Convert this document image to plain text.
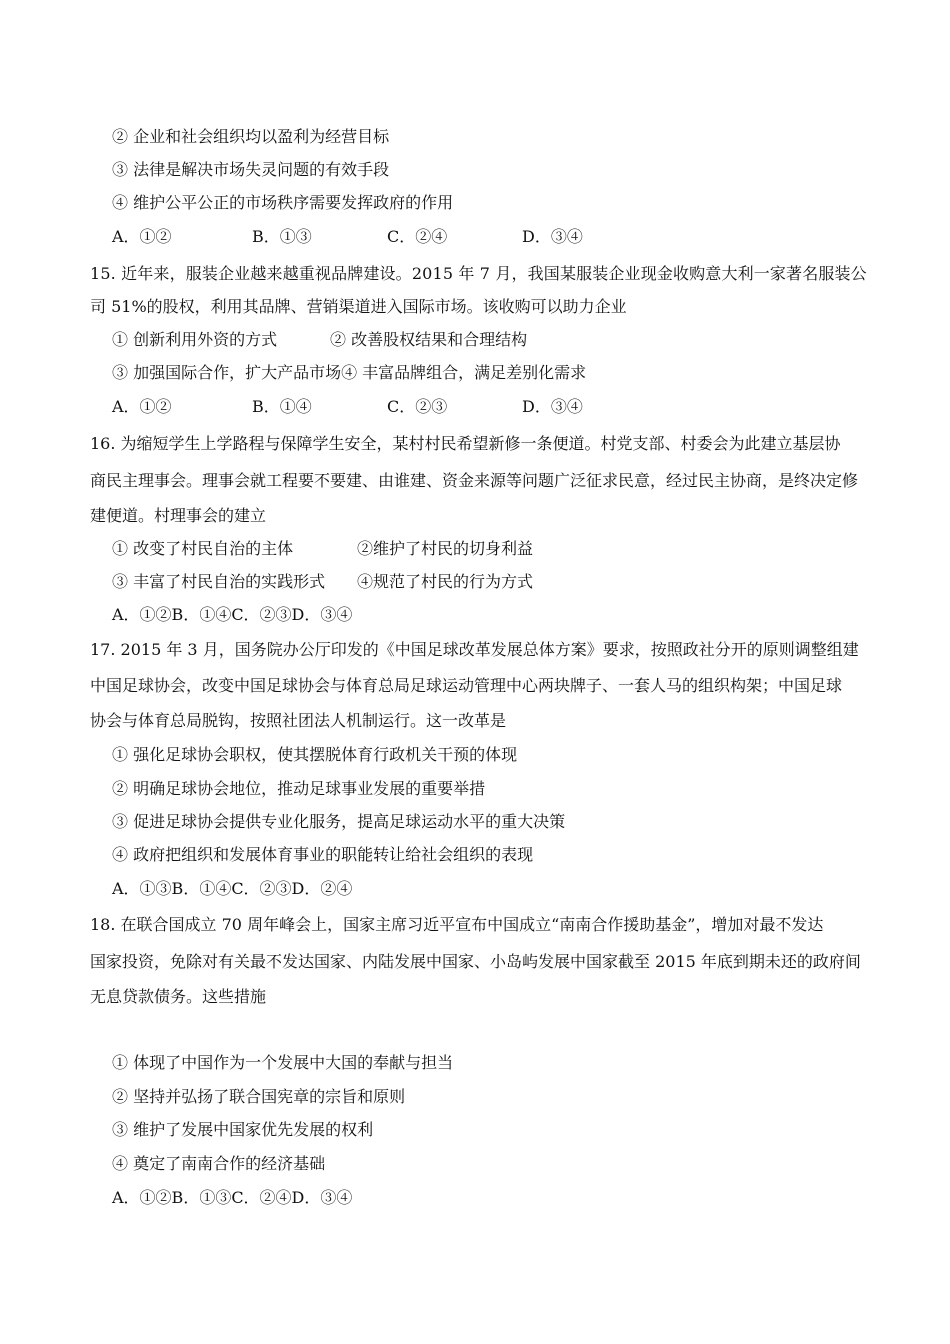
② 企业和社会组织均以盈利为经营目标
③ 法律是解决市场失灵问题的有效手段
④ 维护公平公正的市场秩序需要发挥政府的作用
A．①②	B．①③	C．②④	D．③④
15. 近年来，服装企业越来越重视品牌建设。2015 年 7 月，我国某服装企业现金收购意大利一家著名服装公
司 51%的股权，利用其品牌、营销渠道进入国际市场。该收购可以助力企业
① 创新利用外资的方式	② 改善股权结果和合理结构
③ 加强国际合作，扩大产品市场④ 丰富品牌组合，满足差别化需求
A．①②	B．①④	C．②③	D．③④
16. 为缩短学生上学路程与保障学生安全，某村村民希望新修一条便道。村党支部、村委会为此建立基层协
商民主理事会。理事会就工程要不要建、由谁建、资金来源等问题广泛征求民意，经过民主协商，是终决定修
建便道。村理事会的建立
① 改变了村民自治的主体	②维护了村民的切身利益
③ 丰富了村民自治的实践形式 ④规范了村民的行为方式
A．①②B．①④C．②③D．③④
17. 2015 年 3 月，国务院办公厅印发的《中国足球改革发展总体方案》要求，按照政社分开的原则调整组建
中国足球协会，改变中国足球协会与体育总局足球运动管理中心两块牌子、一套人马的组织构架；中国足球
协会与体育总局脱钩，按照社团法人机制运行。这一改革是
① 强化足球协会职权，使其摆脱体育行政机关干预的体现
② 明确足球协会地位，推动足球事业发展的重要举措
③ 促进足球协会提供专业化服务，提高足球运动水平的重大决策
④ 政府把组织和发展体育事业的职能转让给社会组织的表现
A．①③B．①④C．②③D．②④
18. 在联合国成立 70 周年峰会上，国家主席习近平宣布中国成立“南南合作援助基金”，增加对最不发达
国家投资，免除对有关最不发达国家、内陆发展中国家、小岛屿发展中国家截至 2015 年底到期未还的政府间
无息贷款债务。这些措施
① 体现了中国作为一个发展中大国的奉献与担当
② 坚持并弘扬了联合国宪章的宗旨和原则
③ 维护了发展中国家优先发展的权利
④ 奠定了南南合作的经济基础
A．①②B．①③C．②④D．③④
